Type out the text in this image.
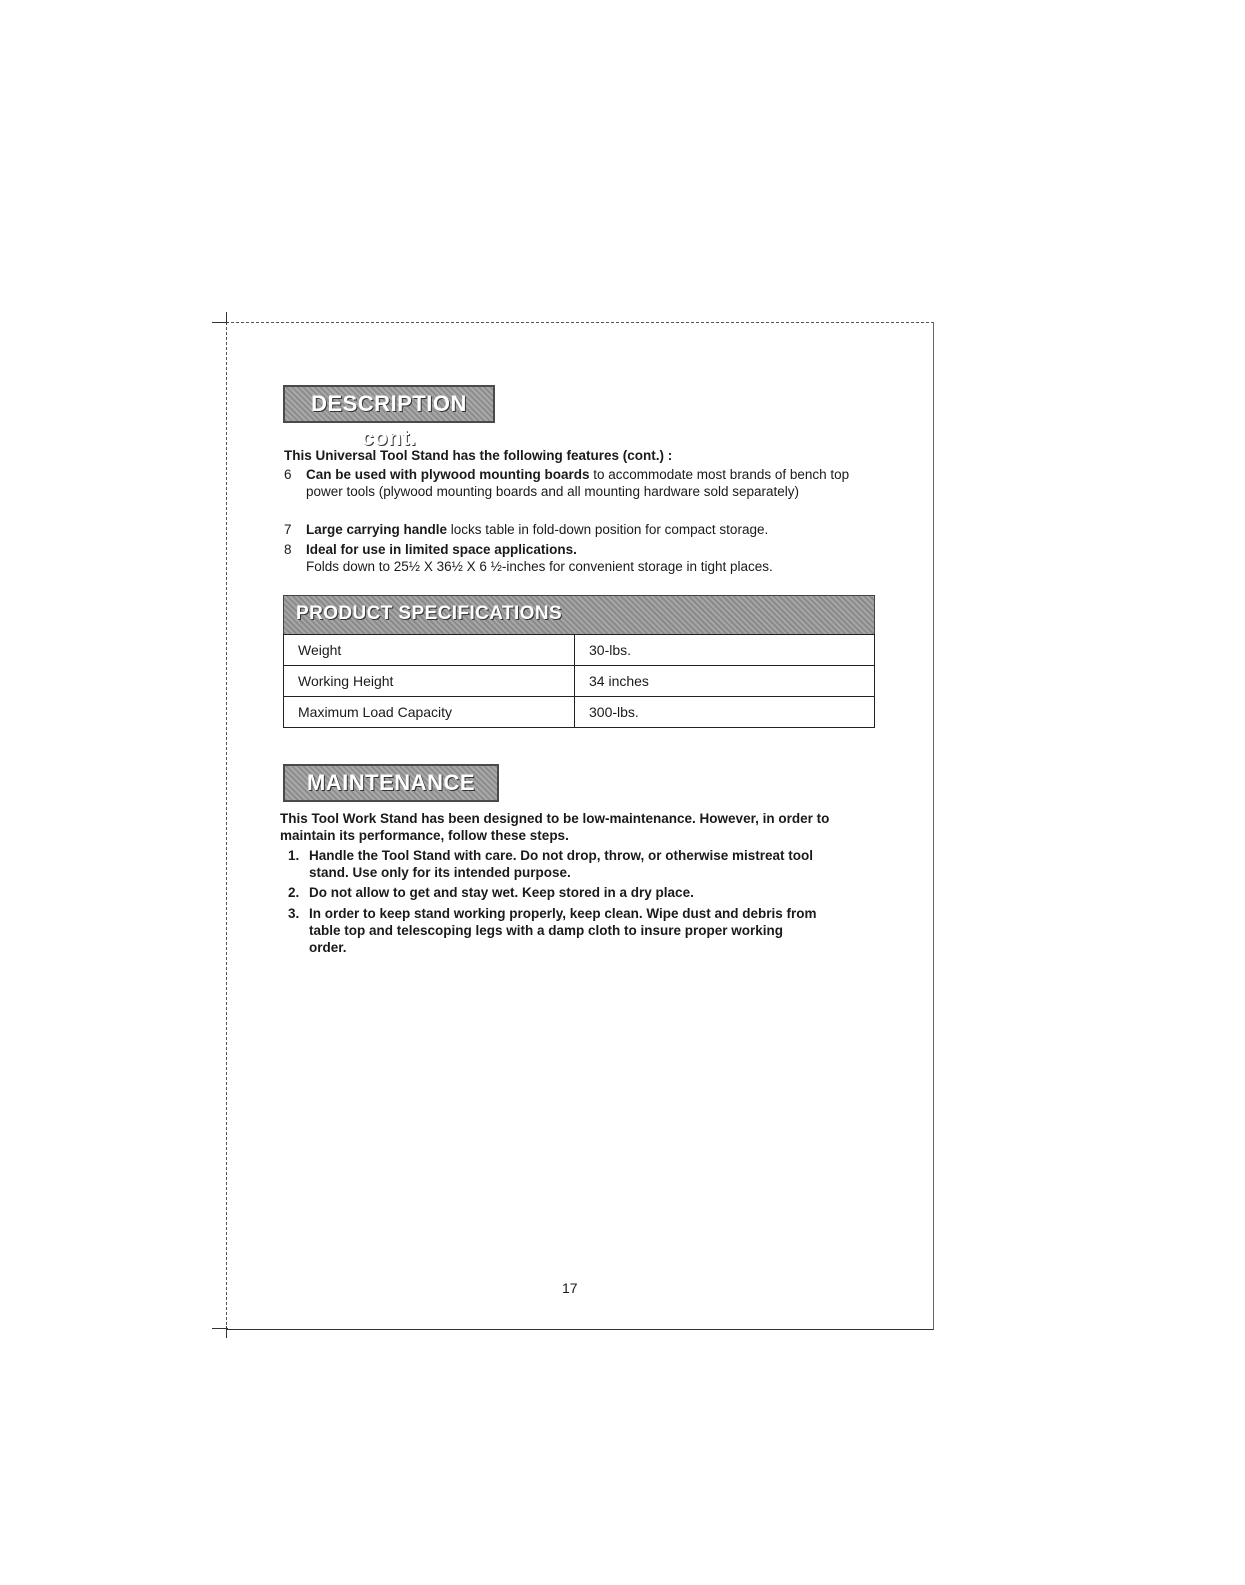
DESCRIPTION cont.
This Universal Tool Stand has the following features (cont.) :
6	Can be used with plywood mounting boards to accommodate most brands of bench top power tools (plywood mounting boards and all mounting hardware sold separately)
7	Large carrying handle locks table in fold-down position for compact storage.
8	Ideal for use in limited space applications.
Folds down to 25½ X 36½ X 6 ½-inches for convenient storage in tight places.
PRODUCT SPECIFICATIONS
Weight	30-lbs.
Working Height	34 inches
Maximum Load Capacity	300-lbs.
MAINTENANCE
This Tool Work Stand has been designed to be low-maintenance. However, in order to maintain its performance, follow these steps.
1. Handle the Tool Stand with care. Do not drop, throw, or otherwise mistreat tool stand. Use only for its intended purpose.
2. Do not allow to get and stay wet. Keep stored in a dry place.
3. In order to keep stand working properly, keep clean. Wipe dust and debris from table top and telescoping legs with a damp cloth to insure proper working order.
17
